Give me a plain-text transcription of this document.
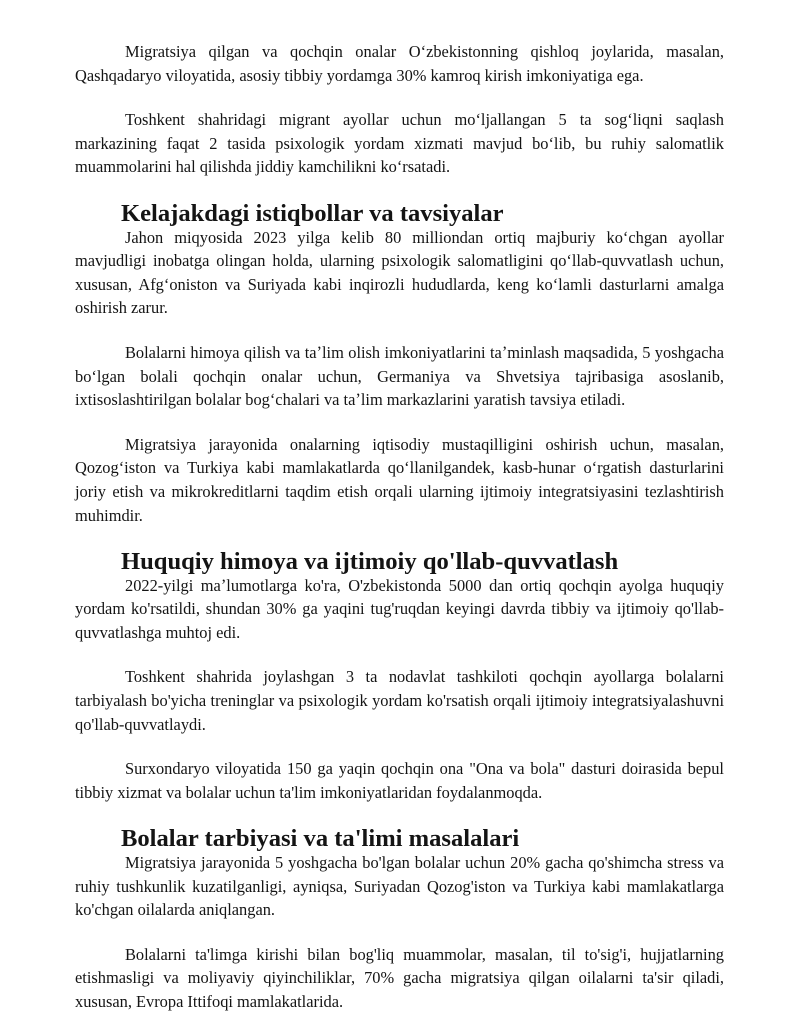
Migratsiya qilgan va qochqin onalar Oʻzbekistonning qishloq joylarida, masalan, Qashqadaryo viloyatida, asosiy tibbiy yordamga 30% kamroq kirish imkoniyatiga ega.

Toshkent shahridagi migrant ayollar uchun moʻljallangan 5 ta sogʻliqni saqlash markazining faqat 2 tasida psixologik yordam xizmati mavjud boʻlib, bu ruhiy salomatlik muammolarini hal qilishda jiddiy kamchilikni koʻrsatadi.

Kelajakdagi istiqbollar va tavsiyalar

Jahon miqyosida 2023 yilga kelib 80 milliondan ortiq majburiy koʻchgan ayollar mavjudligi inobatga olingan holda, ularning psixologik salomatligini qoʻllab-quvvatlash uchun, xususan, Afgʻoniston va Suriyada kabi inqirozli hududlarda, keng koʻlamli dasturlarni amalga oshirish zarur.

Bolalarni himoya qilish va taʼlim olish imkoniyatlarini taʼminlash maqsadida, 5 yoshgacha boʻlgan bolali qochqin onalar uchun, Germaniya va Shvetsiya tajribasiga asoslanib, ixtisoslashtirilgan bolalar bogʻchalari va taʼlim markazlarini yaratish tavsiya etiladi.

Migratsiya jarayonida onalarning iqtisodiy mustaqilligini oshirish uchun, masalan, Qozogʻiston va Turkiya kabi mamlakatlarda qoʻllanilgandek, kasb-hunar oʻrgatish dasturlarini joriy etish va mikrokreditlarni taqdim etish orqali ularning ijtimoiy integratsiyasini tezlashtirish muhimdir.

Huquqiy himoya va ijtimoiy qo'llab-quvvatlash

2022-yilgi maʼlumotlarga ko'ra, O'zbekistonda 5000 dan ortiq qochqin ayolga huquqiy yordam ko'rsatildi, shundan 30% ga yaqini tug'ruqdan keyingi davrda tibbiy va ijtimoiy qo'llab-quvvatlashga muhtoj edi.

Toshkent shahrida joylashgan 3 ta nodavlat tashkiloti qochqin ayollarga bolalarni tarbiyalash bo'yicha treninglar va psixologik yordam ko'rsatish orqali ijtimoiy integratsiyalashuvni qo'llab-quvvatlaydi.

Surxondaryo viloyatida 150 ga yaqin qochqin ona "Ona va bola" dasturi doirasida bepul tibbiy xizmat va bolalar uchun ta'lim imkoniyatlaridan foydalanmoqda.

Bolalar tarbiyasi va ta'limi masalalari

Migratsiya jarayonida 5 yoshgacha bo'lgan bolalar uchun 20% gacha qo'shimcha stress va ruhiy tushkunlik kuzatilganligi, ayniqsa, Suriyadan Qozog'iston va Turkiya kabi mamlakatlarga ko'chgan oilalarda aniqlangan.

Bolalarni ta'limga kirishi bilan bog'liq muammolar, masalan, til to'sig'i, hujjatlarning etishmasligi va moliyaviy qiyinchiliklar, 70% gacha migratsiya qilgan oilalarni ta'sir qiladi, xususan, Evropa Ittifoqi mamlakatlarida.
